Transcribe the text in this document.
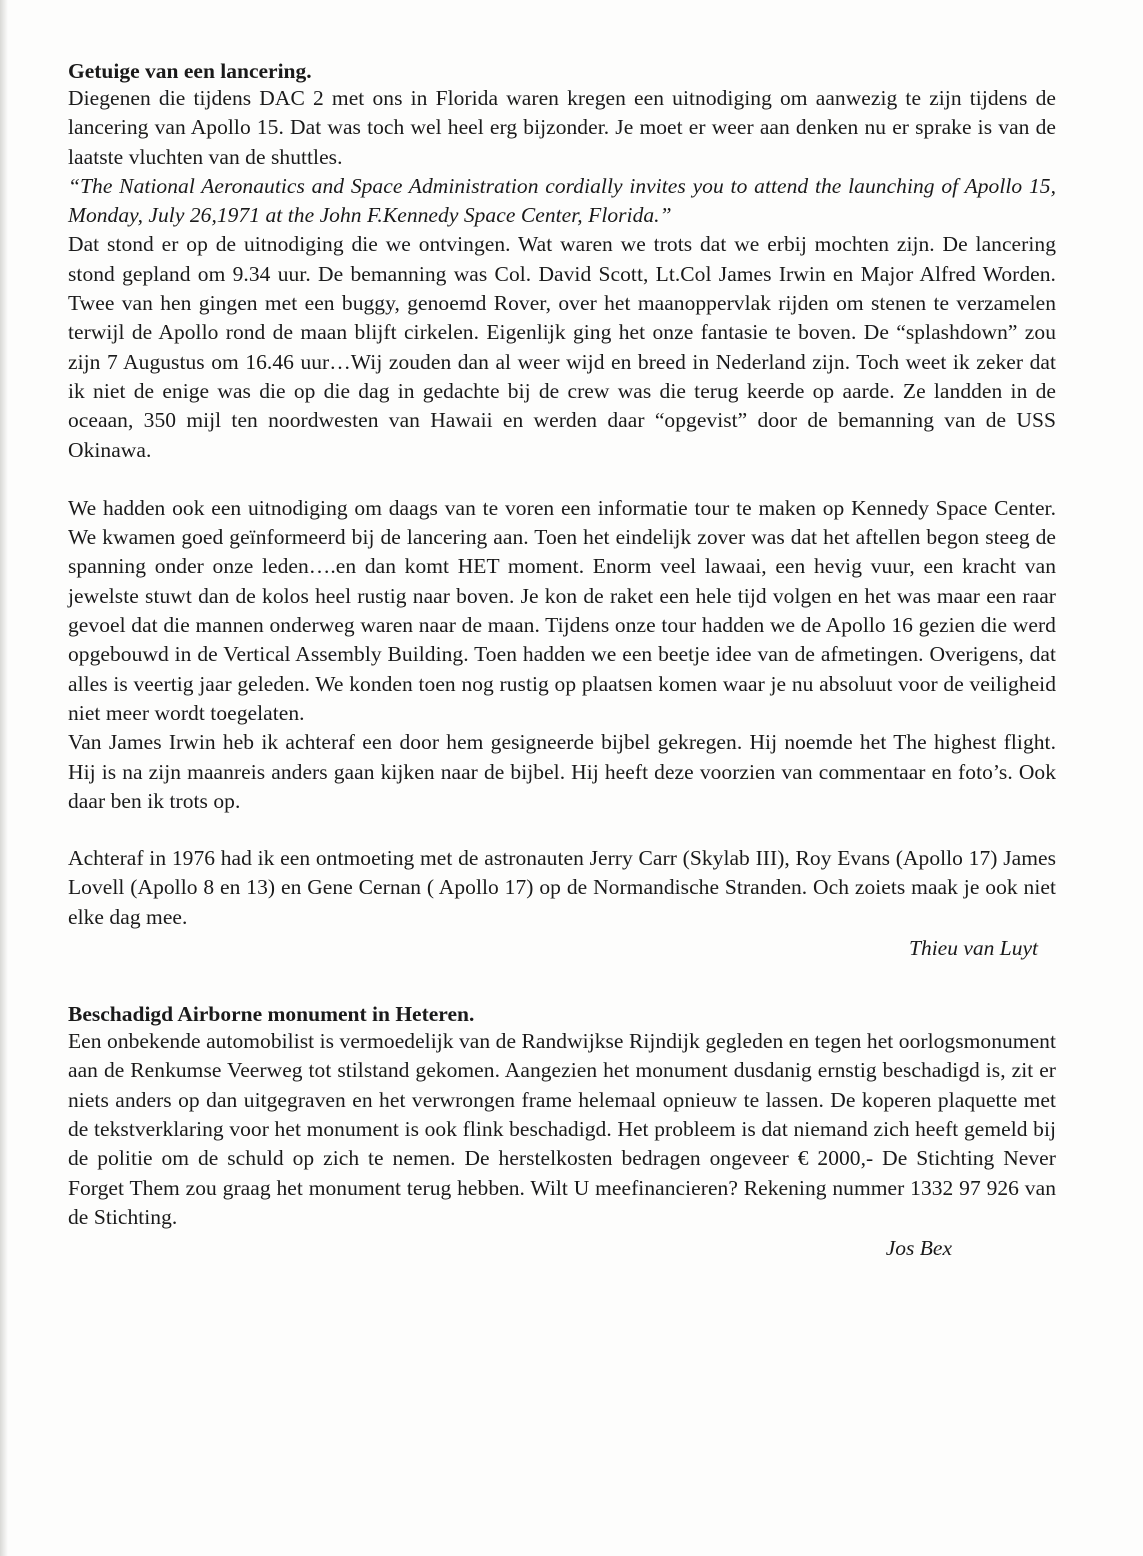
Getuige van een lancering.

Diegenen die tijdens DAC 2 met ons in Florida waren kregen een uitnodiging om aanwezig te zijn tijdens de lancering van Apollo 15. Dat was toch wel heel erg bijzonder. Je moet er weer aan denken nu er sprake is van de laatste vluchten van de shuttles.

“The National Aeronautics and Space Administration cordially invites you to attend the launching of Apollo 15, Monday, July 26,1971 at the John F.Kennedy Space Center, Florida.”

Dat stond er op de uitnodiging die we ontvingen. Wat waren we trots dat we erbij mochten zijn. De lancering stond gepland om 9.34 uur. De bemanning was Col. David Scott, Lt.Col James Irwin en Major Alfred Worden. Twee van hen gingen met een buggy, genoemd Rover, over het maanoppervlak rijden om stenen te verzamelen terwijl de Apollo rond de maan blijft cirkelen. Eigenlijk ging het onze fantasie te boven. De “splashdown” zou zijn 7 Augustus om 16.46 uur…Wij zouden dan al weer wijd en breed in Nederland zijn. Toch weet ik zeker dat ik niet de enige was die op die dag in gedachte bij de crew was die terug keerde op aarde. Ze landden in de oceaan, 350 mijl ten noordwesten van Hawaii en werden daar “opgevist” door de bemanning van de USS Okinawa.

We hadden ook een uitnodiging om daags van te voren een informatie tour te maken op Kennedy Space Center. We kwamen goed geïnformeerd bij de lancering aan. Toen het eindelijk zover was dat het aftellen begon steeg de spanning onder onze leden….en dan komt HET moment. Enorm veel lawaai, een hevig vuur, een kracht van jewelste stuwt dan de kolos heel rustig naar boven. Je kon de raket een hele tijd volgen en het was maar een raar gevoel dat die mannen onderweg waren naar de maan. Tijdens onze tour hadden we de Apollo 16 gezien die werd opgebouwd in de Vertical Assembly Building. Toen hadden we een beetje idee van de afmetingen. Overigens, dat alles is veertig jaar geleden. We konden toen nog rustig op plaatsen komen waar je nu absoluut voor de veiligheid niet meer wordt toegelaten.

Van James Irwin heb ik achteraf een door hem gesigneerde bijbel gekregen. Hij noemde het The highest flight. Hij is na zijn maanreis anders gaan kijken naar de bijbel. Hij heeft deze voorzien van commentaar en foto’s. Ook daar ben ik trots op.

Achteraf in 1976 had ik een ontmoeting met de astronauten Jerry Carr (Skylab III), Roy Evans (Apollo 17) James Lovell (Apollo 8 en 13) en Gene Cernan ( Apollo 17) op de Normandische Stranden. Och zoiets maak je ook niet elke dag mee.

Thieu van Luyt

Beschadigd Airborne monument in Heteren.

Een onbekende automobilist is vermoedelijk van de Randwijkse Rijndijk gegleden en tegen het oorlogsmonument aan de Renkumse Veerweg tot stilstand gekomen. Aangezien het monument dusdanig ernstig beschadigd is, zit er niets anders op dan uitgegraven en het verwrongen frame helemaal opnieuw te lassen. De koperen plaquette met de tekstverklaring voor het monument is ook flink beschadigd. Het probleem is dat niemand zich heeft gemeld bij de politie om de schuld op zich te nemen. De herstelkosten bedragen ongeveer € 2000,- De Stichting Never Forget Them zou graag het monument terug hebben. Wilt U meefinancieren? Rekening nummer 1332 97 926 van de Stichting.

Jos Bex
